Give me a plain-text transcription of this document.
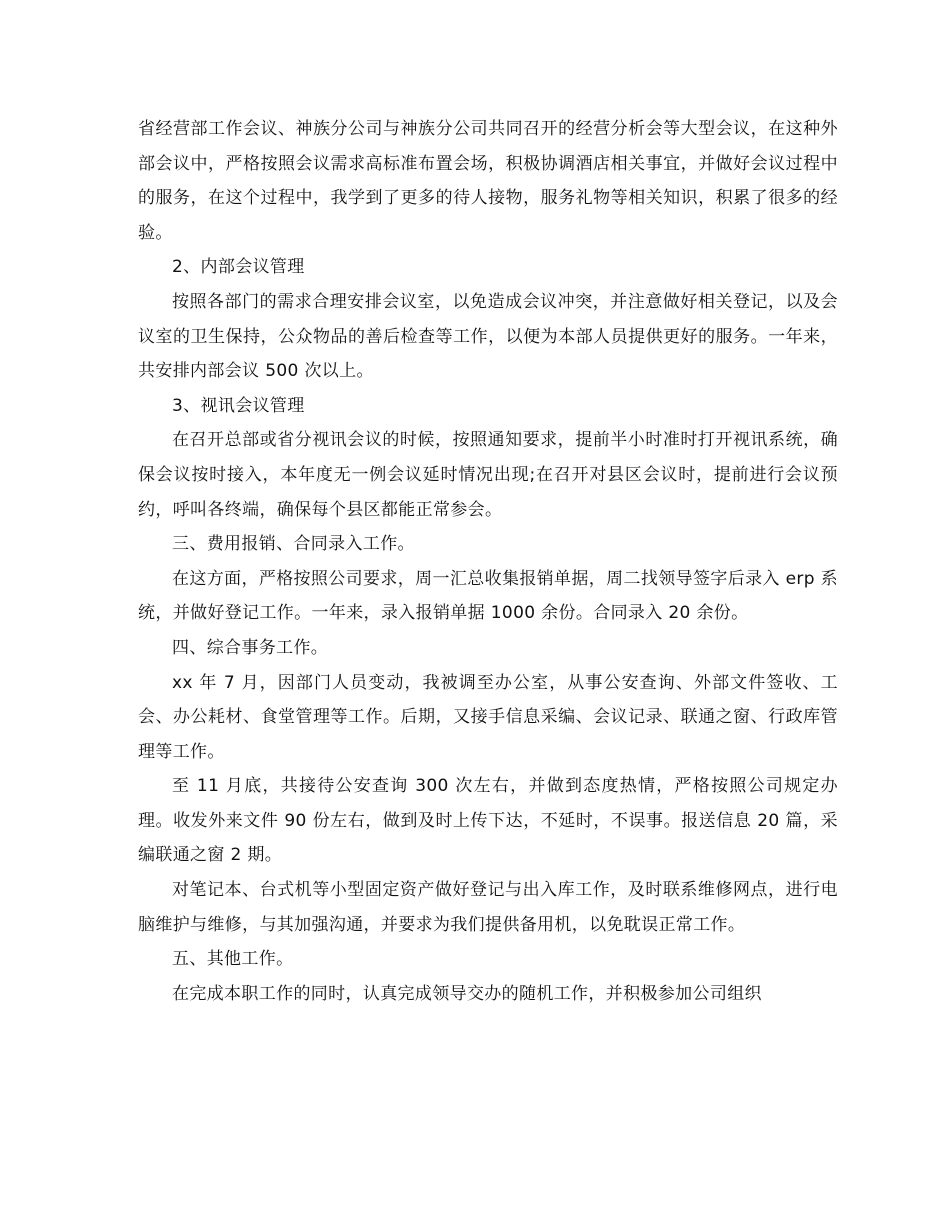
省经营部工作会议、神族分公司与神族分公司共同召开的经营分析会等大型会议，在这种外部会议中，严格按照会议需求高标准布置会场，积极协调酒店相关事宜，并做好会议过程中的服务，在这个过程中，我学到了更多的待人接物，服务礼物等相关知识，积累了很多的经验。

2、内部会议管理

按照各部门的需求合理安排会议室，以免造成会议冲突，并注意做好相关登记，以及会议室的卫生保持，公众物品的善后检查等工作，以便为本部人员提供更好的服务。一年来，共安排内部会议 500 次以上。

3、视讯会议管理

在召开总部或省分视讯会议的时候，按照通知要求，提前半小时准时打开视讯系统，确保会议按时接入，本年度无一例会议延时情况出现;在召开对县区会议时，提前进行会议预约，呼叫各终端，确保每个县区都能正常参会。

三、费用报销、合同录入工作。

在这方面，严格按照公司要求，周一汇总收集报销单据，周二找领导签字后录入 erp 系统，并做好登记工作。一年来，录入报销单据 1000 余份。合同录入 20 余份。

四、综合事务工作。

xx 年 7 月，因部门人员变动，我被调至办公室，从事公安查询、外部文件签收、工会、办公耗材、食堂管理等工作。后期，又接手信息采编、会议记录、联通之窗、行政库管理等工作。

至 11 月底，共接待公安查询 300 次左右，并做到态度热情，严格按照公司规定办理。收发外来文件 90 份左右，做到及时上传下达，不延时，不误事。报送信息 20 篇，采编联通之窗 2 期。

对笔记本、台式机等小型固定资产做好登记与出入库工作，及时联系维修网点，进行电脑维护与维修，与其加强沟通，并要求为我们提供备用机，以免耽误正常工作。

五、其他工作。

在完成本职工作的同时，认真完成领导交办的随机工作，并积极参加公司组织
